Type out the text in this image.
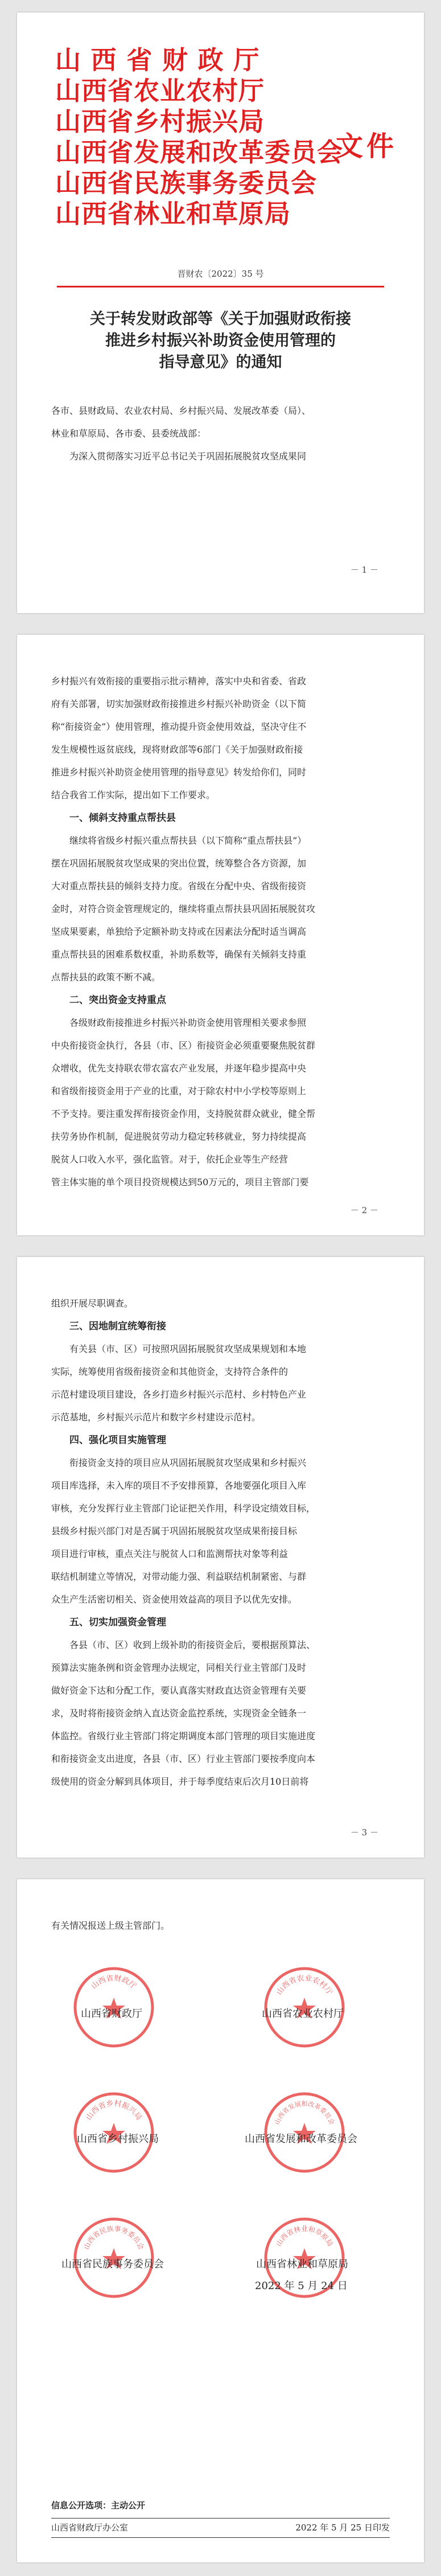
山 西 省 财 政 厅
山西省农业农村厅
山西省乡村振兴局
山西省发展和改革委员会
山西省民族事务委员会
山西省林业和草原局
文件
晋财农〔2022〕35 号
关于转发财政部等《关于加强财政衔接
推进乡村振兴补助资金使用管理的
指导意见》的通知
各市、县财政局、农业农村局、乡村振兴局、发展改革委（局）、
林业和草原局、各市委、县委统战部：
为深入贯彻落实习近平总书记关于巩固拓展脱贫攻坚成果同
－ 1 －
乡村振兴有效衔接的重要指示批示精神，落实中央和省委、省政
府有关部署，切实加强财政衔接推进乡村振兴补助资金（以下简
称“衔接资金”）使用管理，推动提升资金使用效益，坚决守住不
发生规模性返贫底线，现将财政部等6部门《关于加强财政衔接
推进乡村振兴补助资金使用管理的指导意见》转发给你们，同时
结合我省工作实际，提出如下工作要求。
一、倾斜支持重点帮扶县
继续将省级乡村振兴重点帮扶县（以下简称“重点帮扶县”）
摆在巩固拓展脱贫攻坚成果的突出位置，统筹整合各方资源，加
大对重点帮扶县的倾斜支持力度。省级在分配中央、省级衔接资
金时，对符合资金管理规定的，继续将重点帮扶县巩固拓展脱贫攻
坚成果要素，单独给予定额补助支持或在因素法分配时适当调高
重点帮扶县的困难系数权重，补助系数等，确保有关倾斜支持重
点帮扶县的政策不断不减。
二、突出资金支持重点
各级财政衔接推进乡村振兴补助资金使用管理相关要求参照
中央衔接资金执行，各县（市、区）衔接资金必须重要聚焦脱贫群
众增收，优先支持联农带农富农产业发展，并逐年稳步提高中央
和省级衔接资金用于产业的比重，对于除农村中小学校等原则上
不予支持。要注重发挥衔接资金作用，支持脱贫群众就业，健全帮
扶劳务协作机制，促进脱贫劳动力稳定转移就业，努力持续提高
脱贫人口收入水平，强化监管。对于，依托企业等生产经营
管主体实施的单个项目投资规模达到50万元的，项目主管部门要
－ 2 －
组织开展尽职调查。
三、因地制宜统筹衔接
有关县（市、区）可按照巩固拓展脱贫攻坚成果规划和本地
实际，统筹使用省级衔接资金和其他资金，支持符合条件的
示范村建设项目建设，各乡打造乡村振兴示范村、乡村特色产业
示范基地，乡村振兴示范片和数字乡村建设示范村。
四、强化项目实施管理
衔接资金支持的项目应从巩固拓展脱贫攻坚成果和乡村振兴
项目库选择，未入库的项目不予安排预算，各地要强化项目入库
审核，充分发挥行业主管部门论证把关作用，科学设定绩效目标，
县级乡村振兴部门对是否属于巩固拓展脱贫攻坚成果衔接目标
项目进行审核，重点关注与脱贫人口和监测帮扶对象等利益
联结机制建立等情况，对带动能力强、利益联结机制紧密、与群
众生产生活密切相关、资金使用效益高的项目予以优先安排。
五、切实加强资金管理
各县（市、区）收到上级补助的衔接资金后，要根据预算法、
预算法实施条例和资金管理办法规定，同相关行业主管部门及时
做好资金下达和分配工作，要认真落实财政直达资金管理有关要
求，及时将衔接资金纳入直达资金监控系统，实现资金全链条一
体监控。省级行业主管部门将定期调度本部门管理的项目实施进度
和衔接资金支出进度，各县（市、区）行业主管部门要按季度向本
级使用的资金分解到具体项目，并于每季度结束后次月10日前将
－ 3 －
有关情况报送上级主管部门。
山西省财政厅
山西省财政厅
山西省农业农村厅
山西省农业农村厅
山西省乡村振兴局
山西省乡村振兴局
山西省发展和改革委员会
山西省发展和改革委员会
山西省民族事务委员会
山西省民族事务委员会
山西省林业和草原局
山西省林业和草原局
2022 年 5 月 24 日
信息公开选项：主动公开
山西省财政厅办公室	2022 年 5 月 25 日印发
